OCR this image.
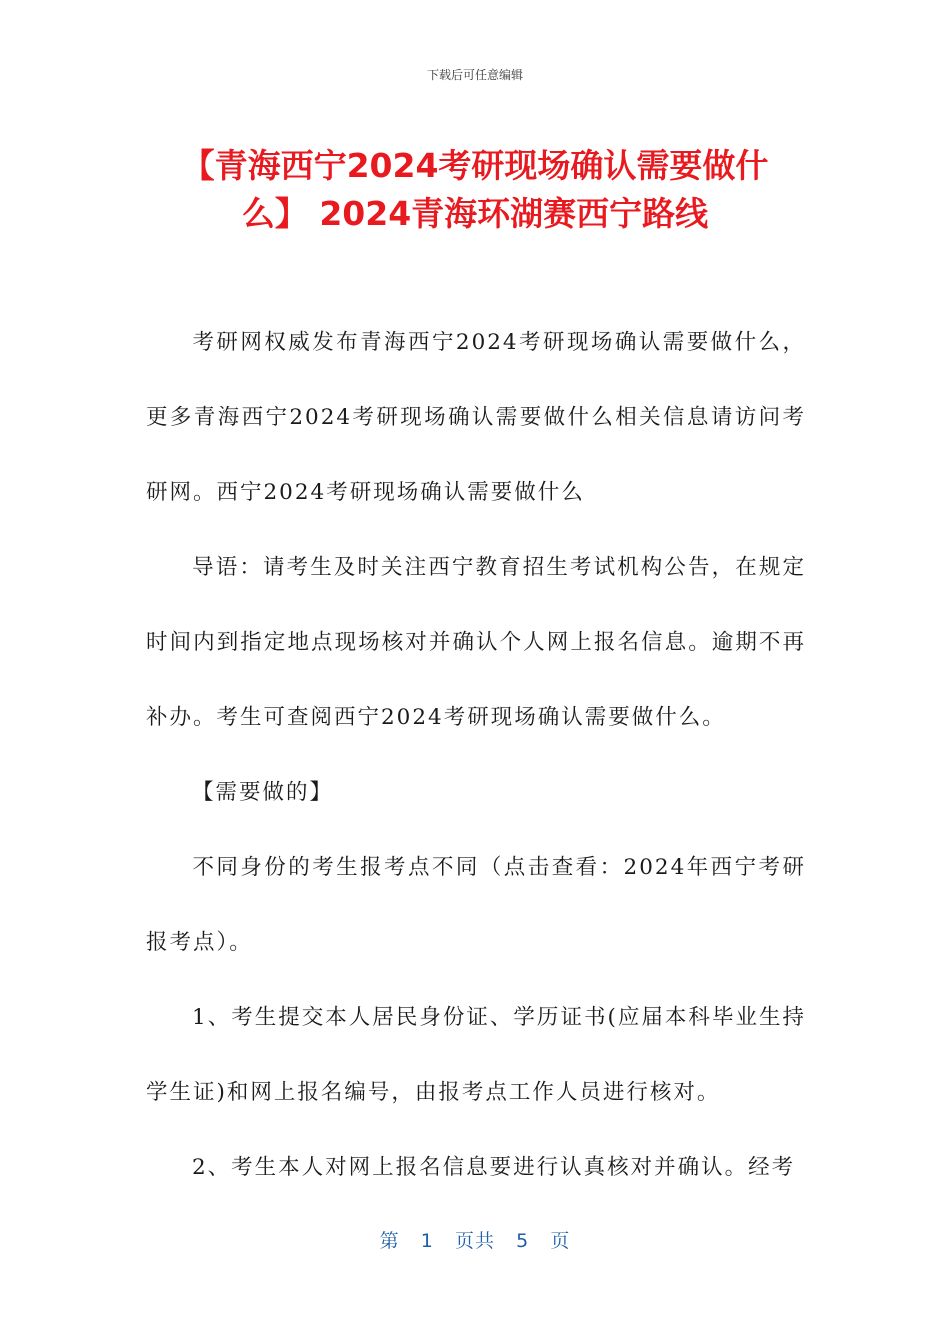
下载后可任意编辑
【青海西宁2024考研现场确认需要做什么】 2024青海环湖赛西宁路线
考研网权威发布青海西宁2024考研现场确认需要做什么，更多青海西宁2024考研现场确认需要做什么相关信息请访问考研网。西宁2024考研现场确认需要做什么
导语：请考生及时关注西宁教育招生考试机构公告，在规定时间内到指定地点现场核对并确认个人网上报名信息。逾期不再补办。考生可查阅西宁2024考研现场确认需要做什么。
【需要做的】
不同身份的考生报考点不同（点击查看：2024年西宁考研报考点）。
1、考生提交本人居民身份证、学历证书(应届本科毕业生持学生证)和网上报名编号，由报考点工作人员进行核对。
2、考生本人对网上报名信息要进行认真核对并确认。经考
第 1 页共 5 页
